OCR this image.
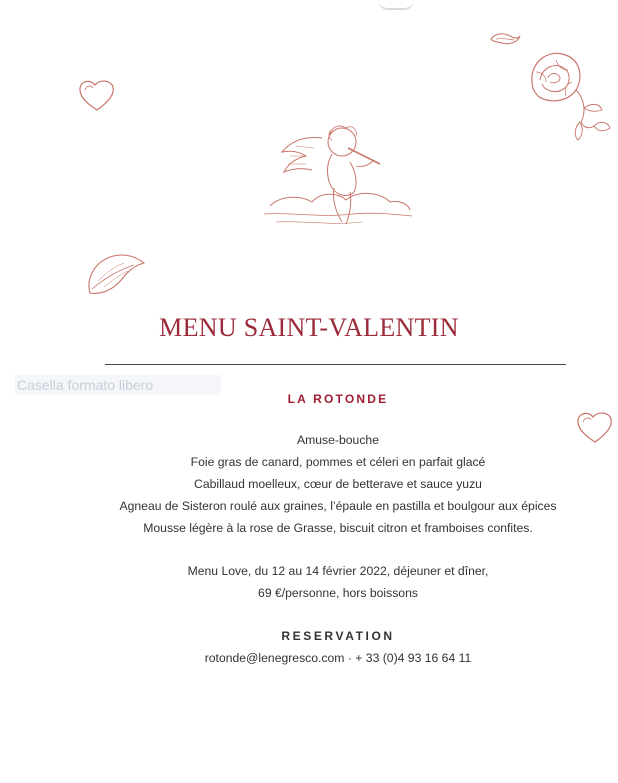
MENU SAINT-VALENTIN
Casella formato libero
LA ROTONDE
Amuse-bouche
Foie gras de canard, pommes et céleri en parfait glacé
Cabillaud moelleux, cœur de betterave et sauce yuzu
Agneau de Sisteron roulé aux graines, l’épaule en pastilla et boulgour aux épices
Mousse légère à la rose de Grasse, biscuit citron et framboises confites.
Menu Love, du 12 au 14 février 2022, déjeuner et dîner,
69 €/personne, hors boissons
RESERVATION
rotonde@lenegresco.com · + 33 (0)4 93 16 64 11
